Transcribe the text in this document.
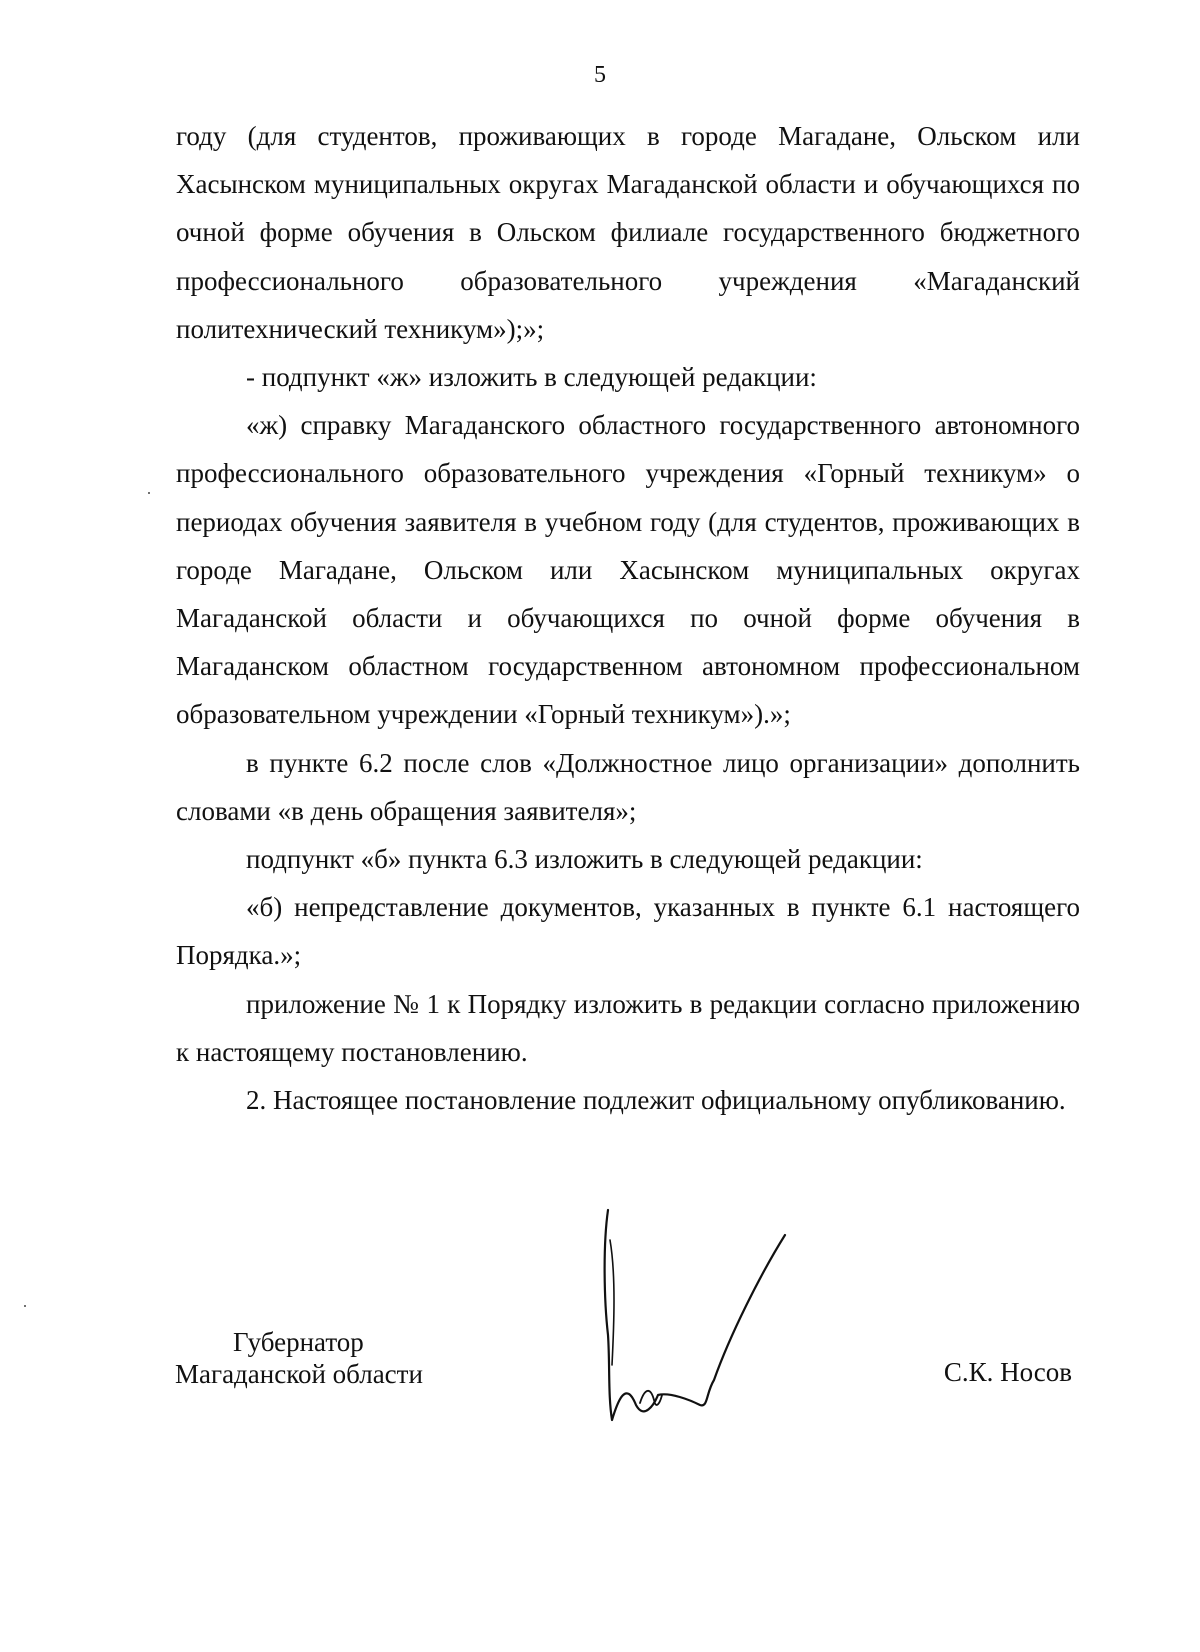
5

году (для студентов, проживающих в городе Магадане, Ольском или Хасынском муниципальных округах Магаданской области и обучающихся по очной форме обучения в Ольском филиале государственного бюджетного профессионального образовательного учреждения «Магаданский политехнический техникум»);»;

- подпункт «ж» изложить в следующей редакции:

«ж) справку Магаданского областного государственного автономного профессионального образовательного учреждения «Горный техникум» о периодах обучения заявителя в учебном году (для студентов, проживающих в городе Магадане, Ольском или Хасынском муниципальных округах Магаданской области и обучающихся по очной форме обучения в Магаданском областном государственном автономном профессиональном образовательном учреждении «Горный техникум»).»;

в пункте 6.2 после слов «Должностное лицо организации» дополнить словами «в день обращения заявителя»;

подпункт «б» пункта 6.3 изложить в следующей редакции:

«б) непредставление документов, указанных в пункте 6.1 настоящего Порядка.»;

приложение № 1 к Порядку изложить в редакции согласно приложению к настоящему постановлению.

2. Настоящее постановление подлежит официальному опубликованию.

Губернатор
Магаданской области	С.К. Носов
